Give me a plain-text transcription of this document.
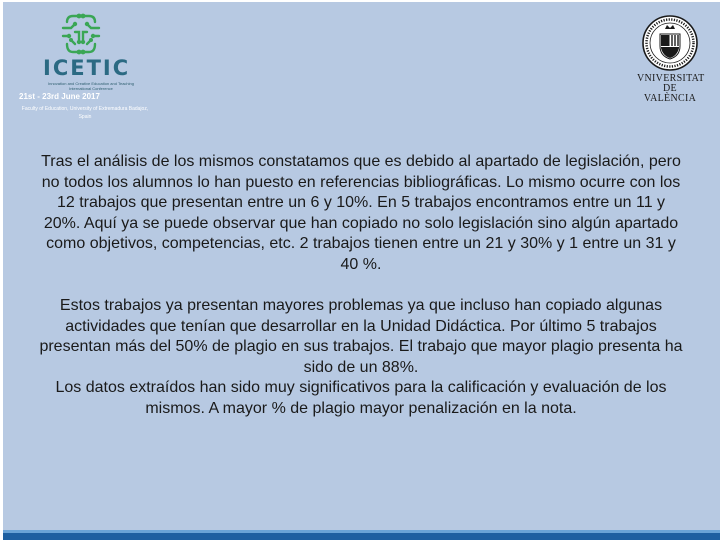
ICETIC
Innovation and Creative Education and Teaching International Conference
21st - 23rd June 2017
Faculty of Education, University of Extremadura Badajoz, Spain
VNIVERSITAT
DE VALÈNCIA

Tras el análisis de los mismos constatamos que es debido al apartado de legislación, pero no todos los alumnos lo han puesto en referencias bibliográficas. Lo mismo ocurre con los 12 trabajos que presentan entre un 6 y 10%. En 5 trabajos encontramos entre un 11 y 20%. Aquí ya se puede observar que han copiado no solo legislación sino algún apartado como objetivos, competencias, etc. 2 trabajos tienen entre un 21 y 30% y 1 entre un 31 y 40 %.

Estos trabajos ya presentan mayores problemas ya que incluso han copiado algunas actividades que tenían que desarrollar en la Unidad Didáctica. Por último 5 trabajos presentan más del 50% de plagio en sus trabajos. El trabajo que mayor plagio presenta ha sido de un 88%.

Los datos extraídos han sido muy significativos para la calificación y evaluación de los mismos. A mayor % de plagio mayor penalización en la nota.
